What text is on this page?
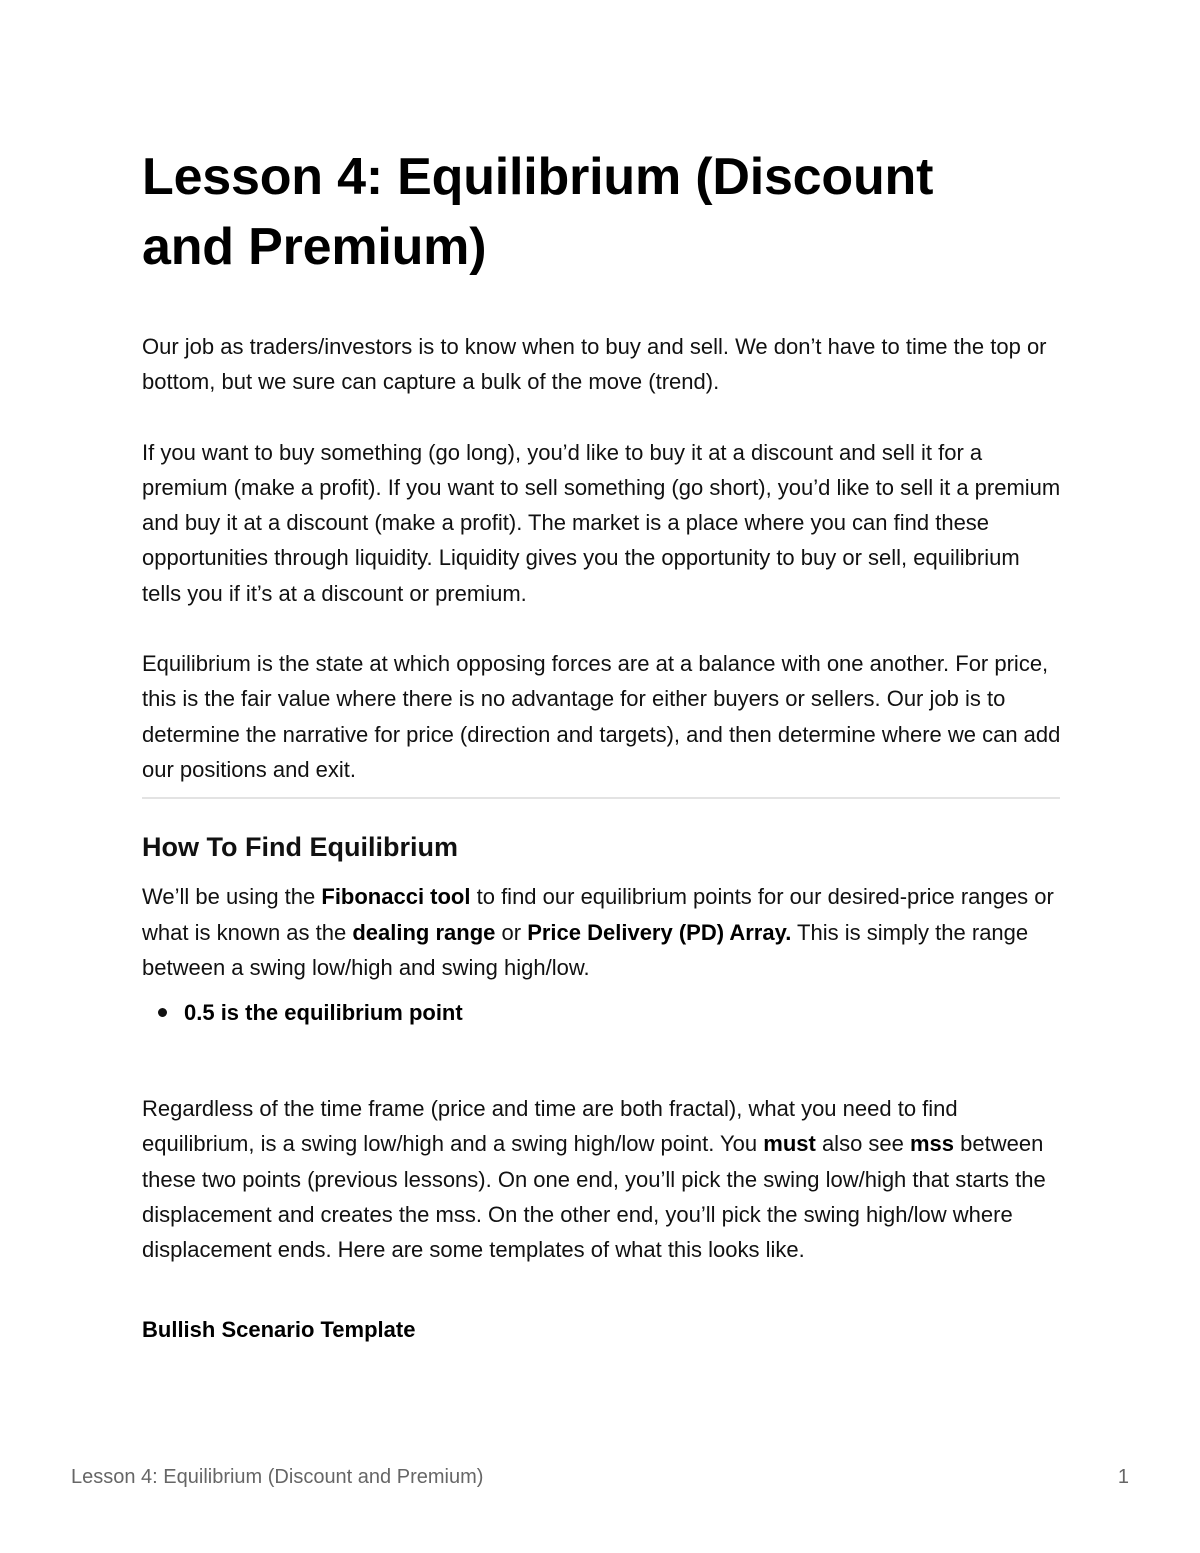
Lesson 4: Equilibrium (Discount
and Premium)

Our job as traders/investors is to know when to buy and sell. We don’t have to time the top or bottom, but we sure can capture a bulk of the move (trend).

If you want to buy something (go long), you’d like to buy it at a discount and sell it for a premium (make a profit). If you want to sell something (go short), you’d like to sell it a premium and buy it at a discount (make a profit). The market is a place where you can find these opportunities through liquidity. Liquidity gives you the opportunity to buy or sell, equilibrium tells you if it’s at a discount or premium.

Equilibrium is the state at which opposing forces are at a balance with one another. For price, this is the fair value where there is no advantage for either buyers or sellers. Our job is to determine the narrative for price (direction and targets), and then determine where we can add our positions and exit.

How To Find Equilibrium

We’ll be using the Fibonacci tool to find our equilibrium points for our desired-price ranges or what is known as the dealing range or Price Delivery (PD) Array. This is simply the range between a swing low/high and swing high/low.

0.5 is the equilibrium point

Regardless of the time frame (price and time are both fractal), what you need to find equilibrium, is a swing low/high and a swing high/low point. You must also see mss between these two points (previous lessons). On one end, you’ll pick the swing low/high that starts the displacement and creates the mss. On the other end, you’ll pick the swing high/low where displacement ends. Here are some templates of what this looks like.

Bullish Scenario Template
Lesson 4: Equilibrium (Discount and Premium)	1
